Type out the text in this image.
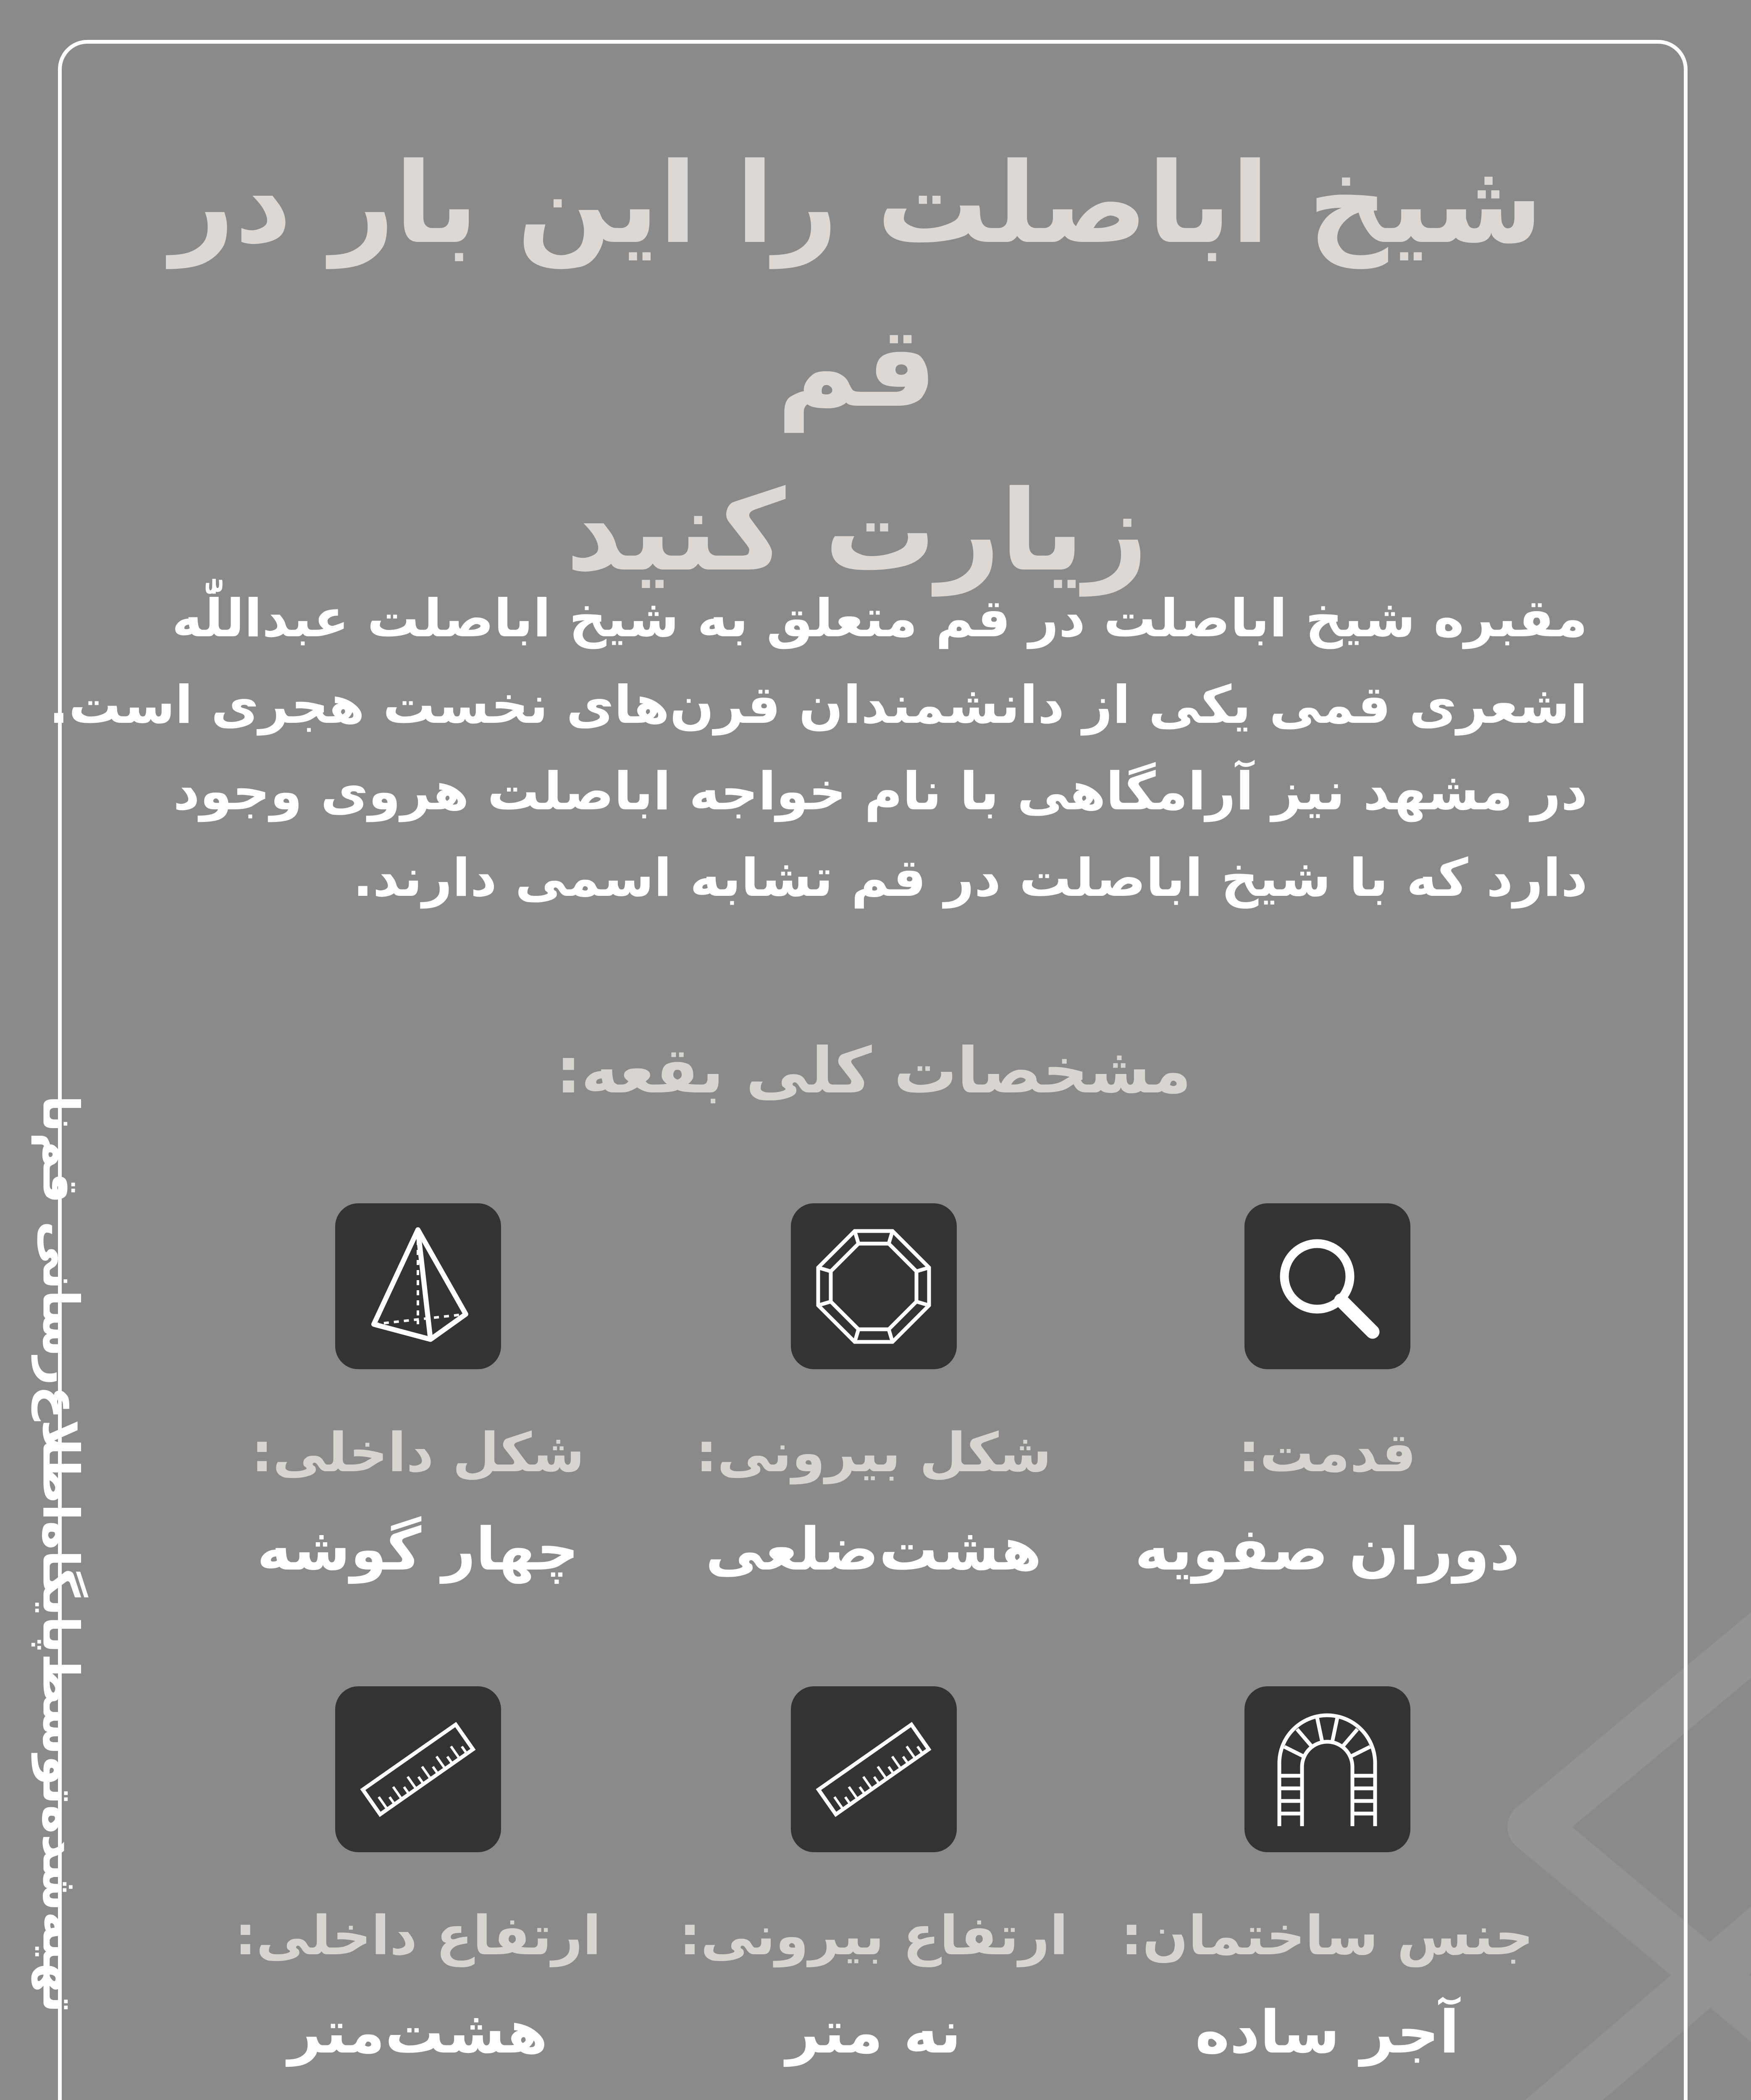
شیخ اباصلت را این بار در قم
زیارت کنید
مقبره شیخ اباصلت در قم متعلق به شیخ اباصلت عبداللّٰه
اشعری قمی یکی از دانشمندان قرن‌های نخست هجری است.
در مشهد نیز آرامگاهی با نام خواجه اباصلت هروی وجود
دارد که با شیخ اباصلت در قم تشابه اسمی دارند.
مشخصات کلی بقعه:
قدمت:
دوران صفویه
شکل بیرونی:
هشت‌ضلعی
شکل داخلی:
چهار گوشه
جنس ساختمان:
آجر ساده
ارتفاع بیرونی:
نه متر
ارتفاع داخلی:
هشت‌متر
تهیه‌شده‌توسط‌پایگاه‌اطلاع‌رسانی قم‌نا
